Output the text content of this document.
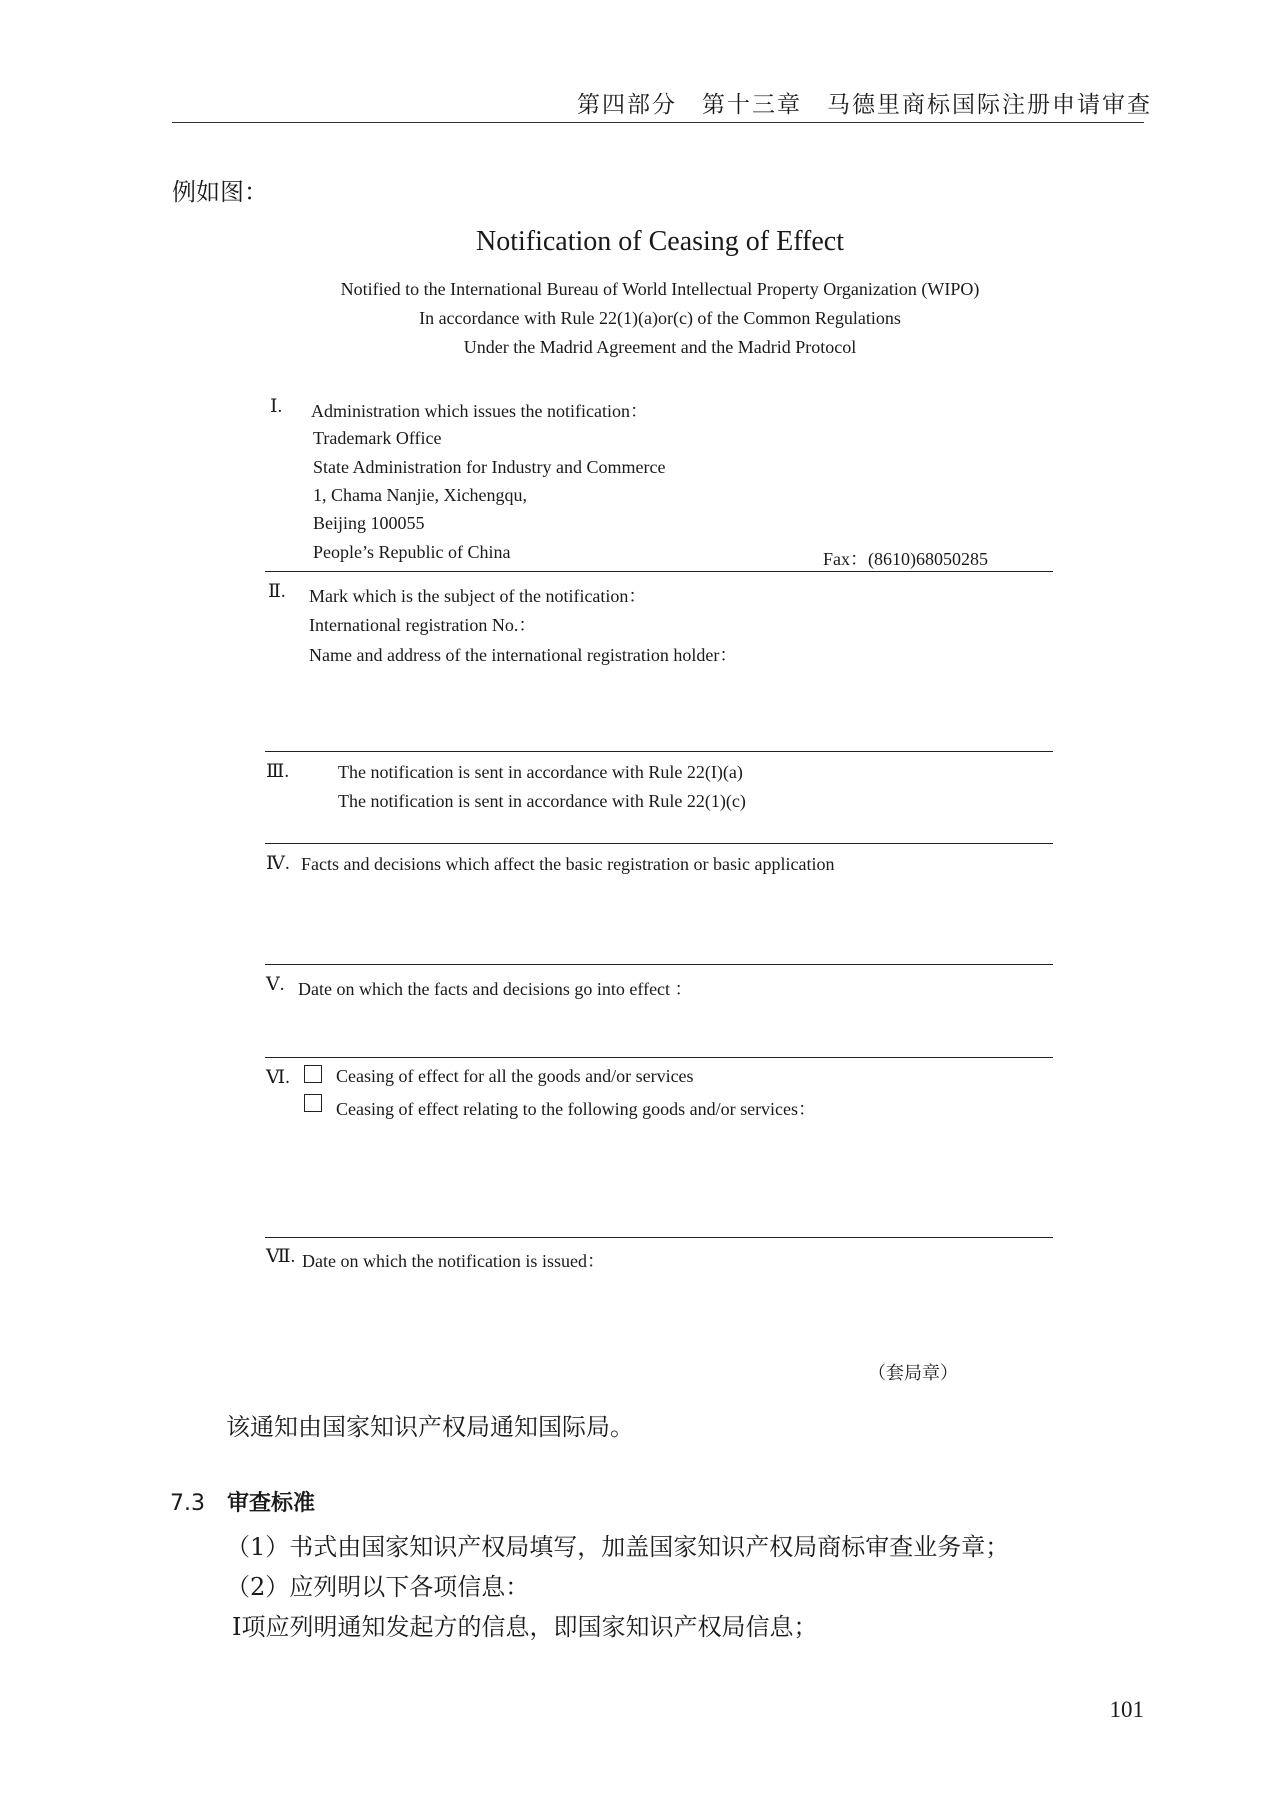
第四部分　第十三章　马德里商标国际注册申请审查
例如图：
Notification of Ceasing of Effect
Notified to the International Bureau of World Intellectual Property Organization (WIPO)
In accordance with Rule 22(1)(a)or(c) of the Common Regulations
Under the Madrid Agreement and the Madrid Protocol
Ⅰ. Administration which issues the notification：
Trademark Office
State Administration for Industry and Commerce
1, Chama Nanjie, Xichengqu,
Beijing 100055
People’s Republic of China	Fax：(8610)68050285
Ⅱ. Mark which is the subject of the notification：
International registration No.：
Name and address of the international registration holder：
Ⅲ.	The notification is sent in accordance with Rule 22(I)(a)
The notification is sent in accordance with Rule 22(1)(c)
Ⅳ. Facts and decisions which affect the basic registration or basic application
Ⅴ. Date on which the facts and decisions go into effect ：
Ⅵ.	Ceasing of effect for all the goods and/or services
Ceasing of effect relating to the following goods and/or services：
Ⅶ. Date on which the notification is issued：
（套局章）
该通知由国家知识产权局通知国际局。
7.3 审查标准
（1）书式由国家知识产权局填写，加盖国家知识产权局商标审查业务章；
（2）应列明以下各项信息：
Ⅰ项应列明通知发起方的信息，即国家知识产权局信息；
101
